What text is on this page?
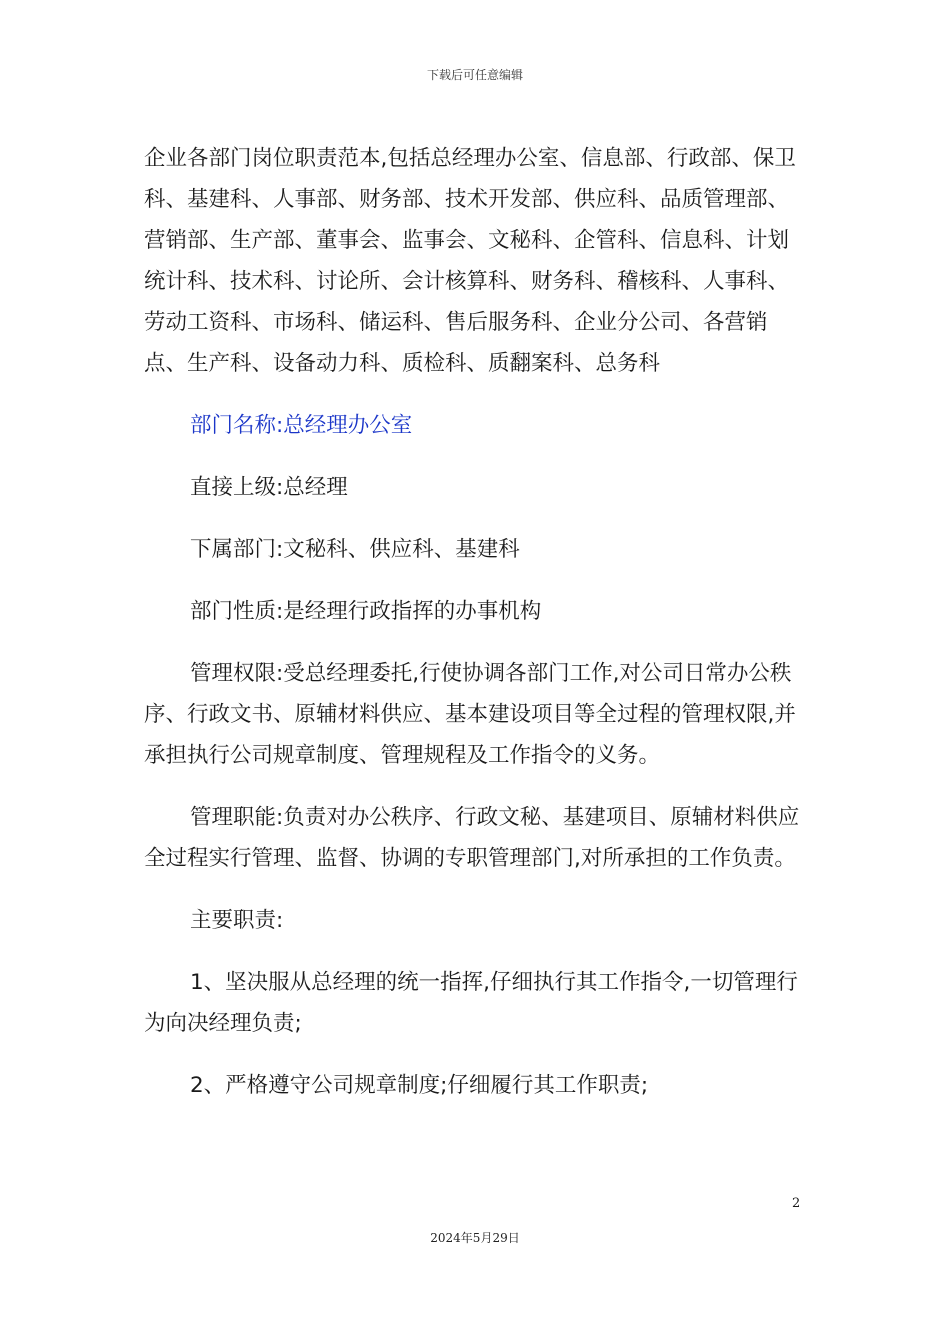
下载后可任意编辑

企业各部门岗位职责范本,包括总经理办公室、信息部、行政部、保卫科、基建科、人事部、财务部、技术开发部、供应科、品质管理部、营销部、生产部、董事会、监事会、文秘科、企管科、信息科、计划统计科、技术科、讨论所、会计核算科、财务科、稽核科、人事科、劳动工资科、市场科、储运科、售后服务科、企业分公司、各营销点、生产科、设备动力科、质检科、质翻案科、总务科

部门名称:总经理办公室

直接上级:总经理

下属部门:文秘科、供应科、基建科

部门性质:是经理行政指挥的办事机构

管理权限:受总经理委托,行使协调各部门工作,对公司日常办公秩序、行政文书、原辅材料供应、基本建设项目等全过程的管理权限,并承担执行公司规章制度、管理规程及工作指令的义务。

管理职能:负责对办公秩序、行政文秘、基建项目、原辅材料供应全过程实行管理、监督、协调的专职管理部门,对所承担的工作负责。

主要职责:

1、坚决服从总经理的统一指挥,仔细执行其工作指令,一切管理行为向决经理负责;

2、严格遵守公司规章制度;仔细履行其工作职责;

2
2024年5月29日
